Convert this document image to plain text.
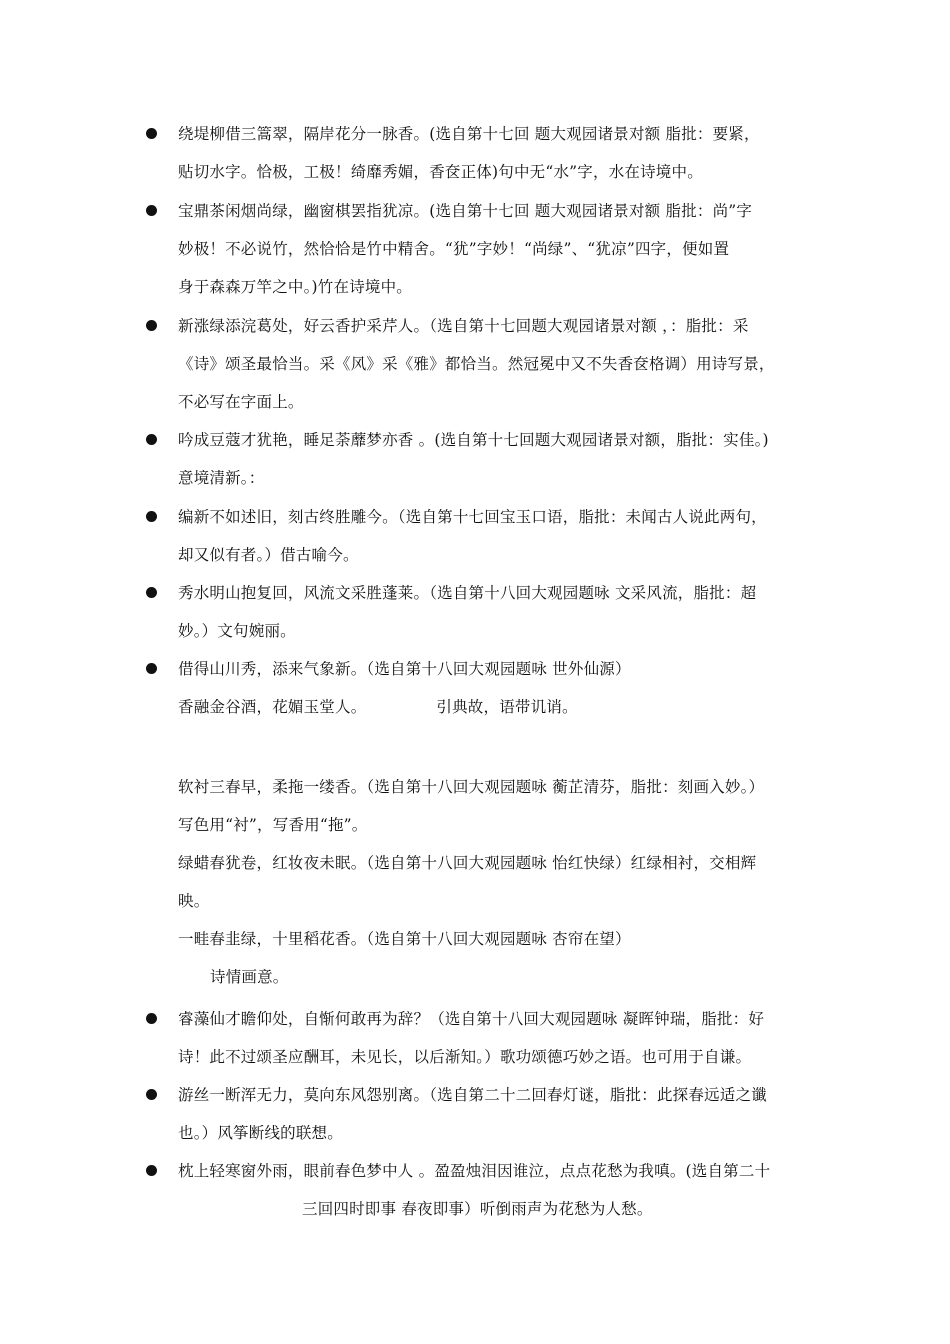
绕堤柳借三篙翠，隔岸花分一脉香。(选自第十七回 题大观园诸景对额 脂批：要紧，
贴切水字。恰极，工极！绮靡秀媚，香奁正体)句中无“水”字，水在诗境中。
宝鼎茶闲烟尚绿，幽窗棋罢指犹凉。(选自第十七回 题大观园诸景对额 脂批：尚”字
妙极！不必说竹，然恰恰是竹中精舍。“犹”字妙！“尚绿”、“犹凉”四字，便如置
身于森森万竿之中。)竹在诗境中。
新涨绿添浣葛处，好云香护采芹人。（选自第十七回题大观园诸景对额 ，：脂批：采
《诗》颂圣最恰当。采《风》采《雅》都恰当。然冠冕中又不失香奁格调）用诗写景，
不必写在字面上。
吟成豆蔻才犹艳，睡足荼蘼梦亦香 。(选自第十七回题大观园诸景对额，脂批：实佳。)
意境清新。：
编新不如述旧，刻古终胜雕今。（选自第十七回宝玉口语，脂批：未闻古人说此两句，
却又似有者。）借古喻今。
秀水明山抱复回，风流文采胜蓬莱。（选自第十八回大观园题咏 文采风流，脂批：超
妙。）文句婉丽。
借得山川秀，添来气象新。（选自第十八回大观园题咏 世外仙源）
香融金谷酒，花媚玉堂人。	引典故，语带讥诮。
软衬三春早，柔拖一缕香。（选自第十八回大观园题咏 蘅芷清芬，脂批：刻画入妙。）
写色用“衬”，写香用“拖”。
绿蜡春犹卷，红妆夜未眠。（选自第十八回大观园题咏 怡红快绿）红绿相衬，交相辉
映。
一畦春韭绿，十里稻花香。（选自第十八回大观园题咏 杏帘在望）
诗情画意。
睿藻仙才瞻仰处，自惭何敢再为辞？（选自第十八回大观园题咏 凝晖钟瑞，脂批：好
诗！此不过颂圣应酬耳，未见长，以后渐知。）歌功颂德巧妙之语。也可用于自谦。
游丝一断浑无力，莫向东风怨别离。（选自第二十二回春灯谜，脂批：此探春远适之谶
也。）风筝断线的联想。
枕上轻寒窗外雨，眼前春色梦中人 。盈盈烛泪因谁泣，点点花愁为我嗔。(选自第二十
三回四时即事 春夜即事）听倒雨声为花愁为人愁。
